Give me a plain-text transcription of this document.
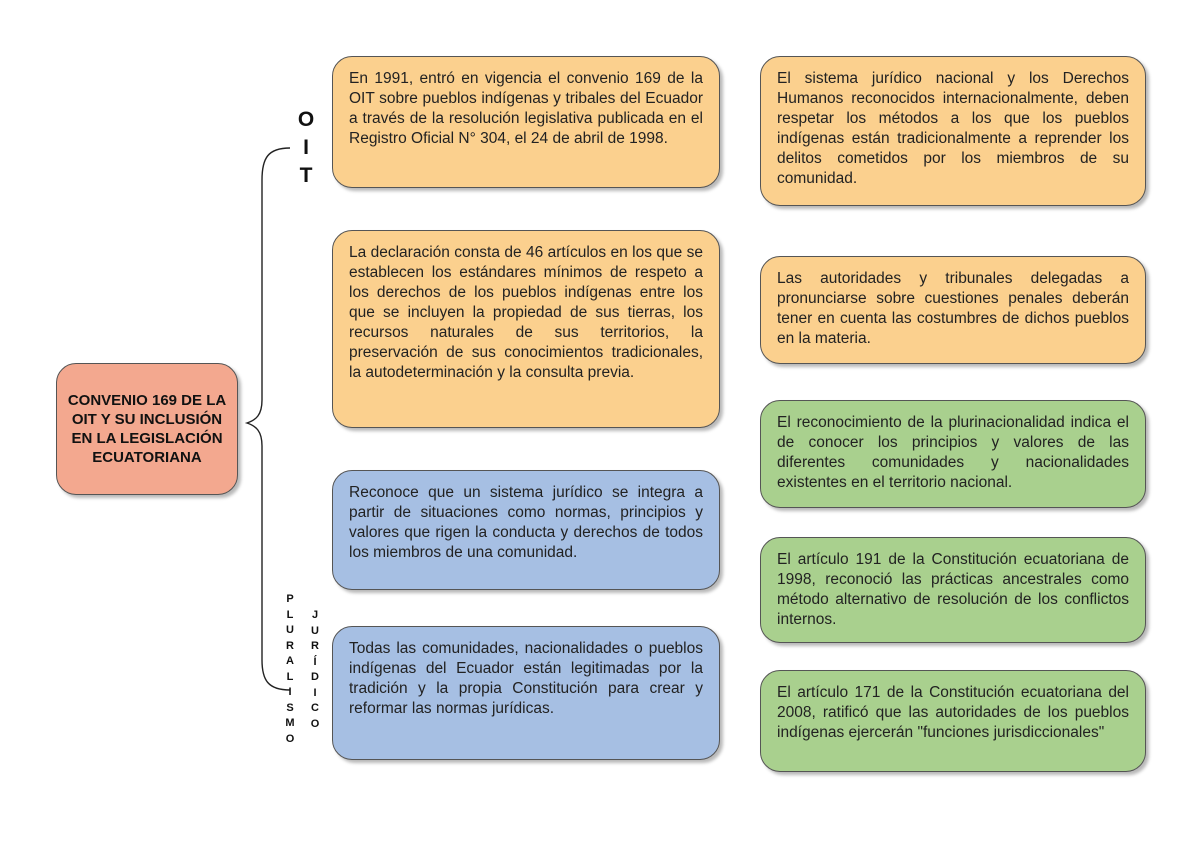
CONVENIO 169 DE LA OIT Y SU INCLUSIÓN EN LA LEGISLACIÓN ECUATORIANA
O
I
T
P
L
U
R
A
L
I
S
M
O
J
U
R
Í
D
I
C
O
En 1991, entró en vigencia el convenio 169 de la OIT sobre pueblos indígenas y tribales del Ecuador a través de la resolución legislativa publicada en el Registro Oficial N° 304, el 24 de abril de 1998.
La declaración consta de 46 artículos en los que se establecen los estándares mínimos de respeto a los derechos de los pueblos indígenas entre los que se incluyen la propiedad de sus tierras, los recursos naturales de sus territorios, la preservación de sus conocimientos tradicionales, la autodeterminación y la consulta previa.
Reconoce que un sistema jurídico se integra a partir de situaciones como normas, principios y valores que rigen la conducta y derechos de todos los miembros de una comunidad.
Todas las comunidades, nacionalidades o pueblos indígenas del Ecuador están legitimadas por la tradición y la propia Constitución para crear y reformar las normas jurídicas.
El sistema jurídico nacional y los Derechos Humanos reconocidos internacionalmente, deben respetar los métodos a los que los pueblos indígenas están tradicionalmente a reprender los delitos cometidos por los miembros de su comunidad.
Las autoridades y tribunales delegadas a pronunciarse sobre cuestiones penales deberán tener en cuenta las costumbres de dichos pueblos en la materia.
El reconocimiento de la plurinacionalidad indica el de conocer los principios y valores de las diferentes comunidades y nacionalidades existentes en el territorio nacional.
El artículo 191 de la Constitución ecuatoriana de 1998, reconoció las prácticas ancestrales como método alternativo de resolución de los conflictos internos.
El artículo 171 de la Constitución ecuatoriana del 2008, ratificó que las autoridades de los pueblos indígenas ejercerán "funciones jurisdiccionales"
